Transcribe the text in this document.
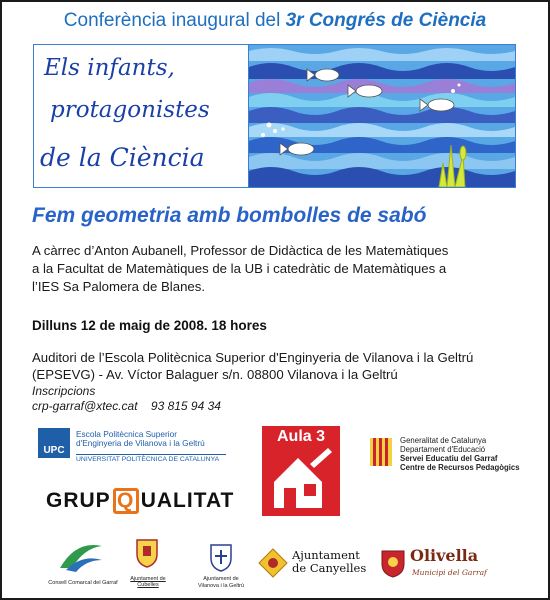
Conferència inaugural del 3r Congrés de Ciència
Els infants,
protagonistes
de la Ciència
Fem geometria amb bombolles de sabó
A càrrec d’Anton Aubanell, Professor de Didàctica de les Matemàtiques
a la Facultat de Matemàtiques de la UB i catedràtic de Matemàtiques a
l’IES Sa Palomera de Blanes.
Dilluns 12 de maig de 2008. 18 hores
Auditori de l’Escola Politècnica Superior d'Enginyeria de Vilanova i la Geltrú
(EPSEVG) - Av. Víctor Balaguer s/n. 08800 Vilanova i la Geltrú
Inscripcions
crp-garraf@xtec.cat 93 815 94 34
UPC
Escola Politècnica Superior
d'Enginyeria de Vilanova i la Geltrú
UNIVERSITAT POLITÈCNICA DE CATALUNYA
GRUP Q UALITAT
Aula 3	Generalitat de Catalunya
Departament d'Educació
Servei Educatiu del Garraf
Centre de Recursos Pedagògics
Consell Comarcal del Garraf
Ajuntament de Cubelles
Ajuntament de
Vilanova i la Geltrú
Ajuntament
de Canyelles
Olivella
Municipi del Garraf
